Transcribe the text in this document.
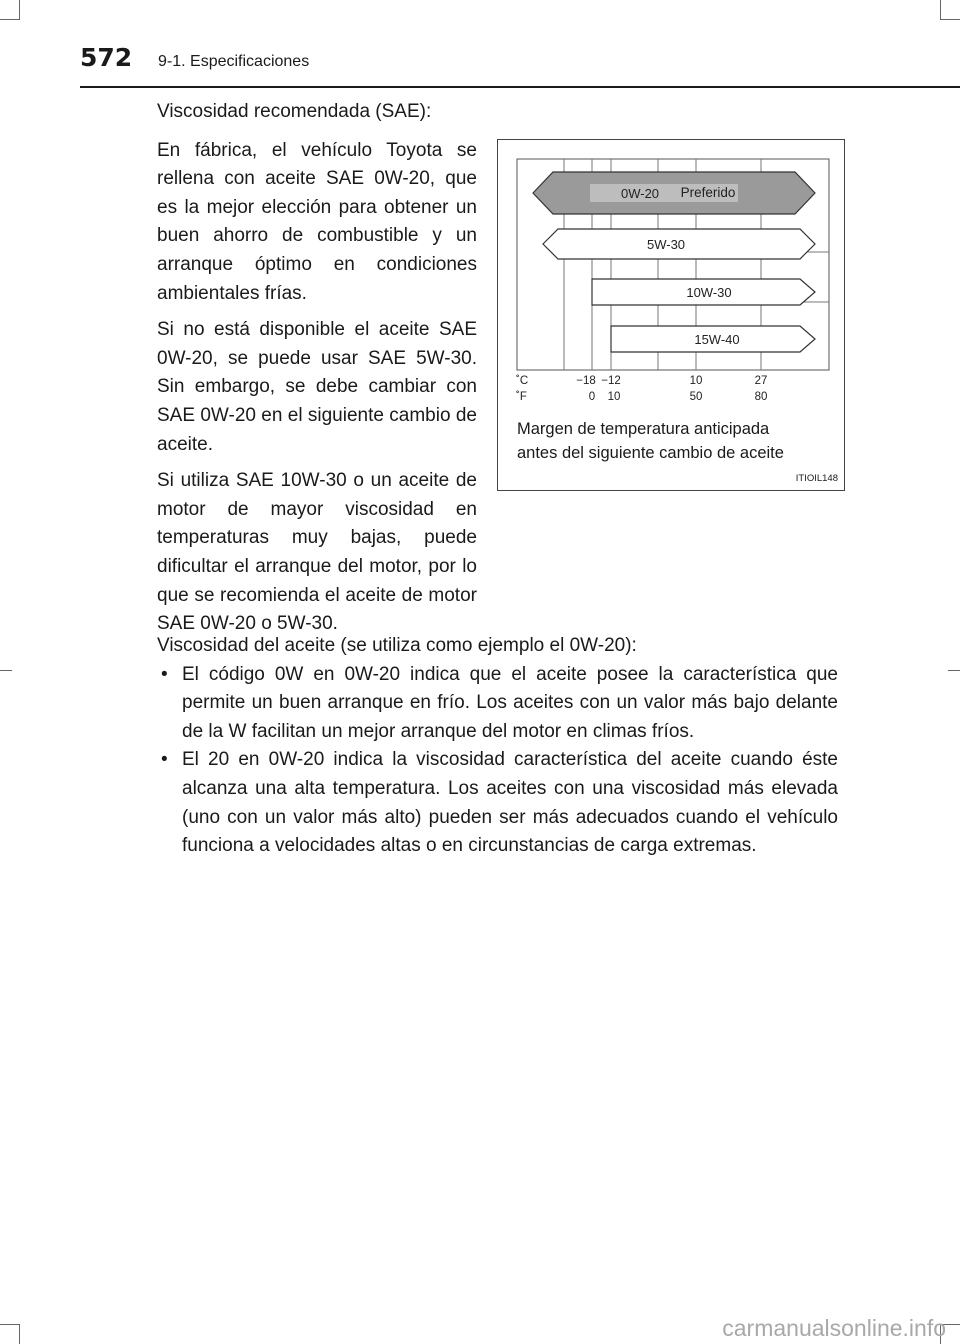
572 9-1. Especificaciones

Viscosidad recomendada (SAE):

En fábrica, el vehículo Toyota se rellena con aceite SAE 0W-20, que es la mejor elección para obtener un buen ahorro de combustible y un arranque óptimo en condiciones ambientales frías.

Si no está disponible el aceite SAE 0W-20, se puede usar SAE 5W-30. Sin embargo, se debe cambiar con SAE 0W-20 en el siguiente cambio de aceite.

Si utiliza SAE 10W-30 o un aceite de motor de mayor viscosidad en temperaturas muy bajas, puede dificultar el arranque del motor, por lo que se recomienda el aceite de motor SAE 0W-20 o 5W-30.

0W-20 Preferido
5W-30
10W-30
15W-40
˚C
˚F
−18 −12	10	27
0 10	50	80
Margen de temperatura anticipada
antes del siguiente cambio de aceite
ITIOIL148

Viscosidad del aceite (se utiliza como ejemplo el 0W-20):

• El código 0W en 0W-20 indica que el aceite posee la característica que permite un buen arranque en frío. Los aceites con un valor más bajo delante de la W facilitan un mejor arranque del motor en climas fríos.
• El 20 en 0W-20 indica la viscosidad característica del aceite cuando éste alcanza una alta temperatura. Los aceites con una viscosidad más elevada (uno con un valor más alto) pueden ser más adecuados cuando el vehículo funciona a velocidades altas o en circunstancias de carga extremas.
carmanualsonline.info
